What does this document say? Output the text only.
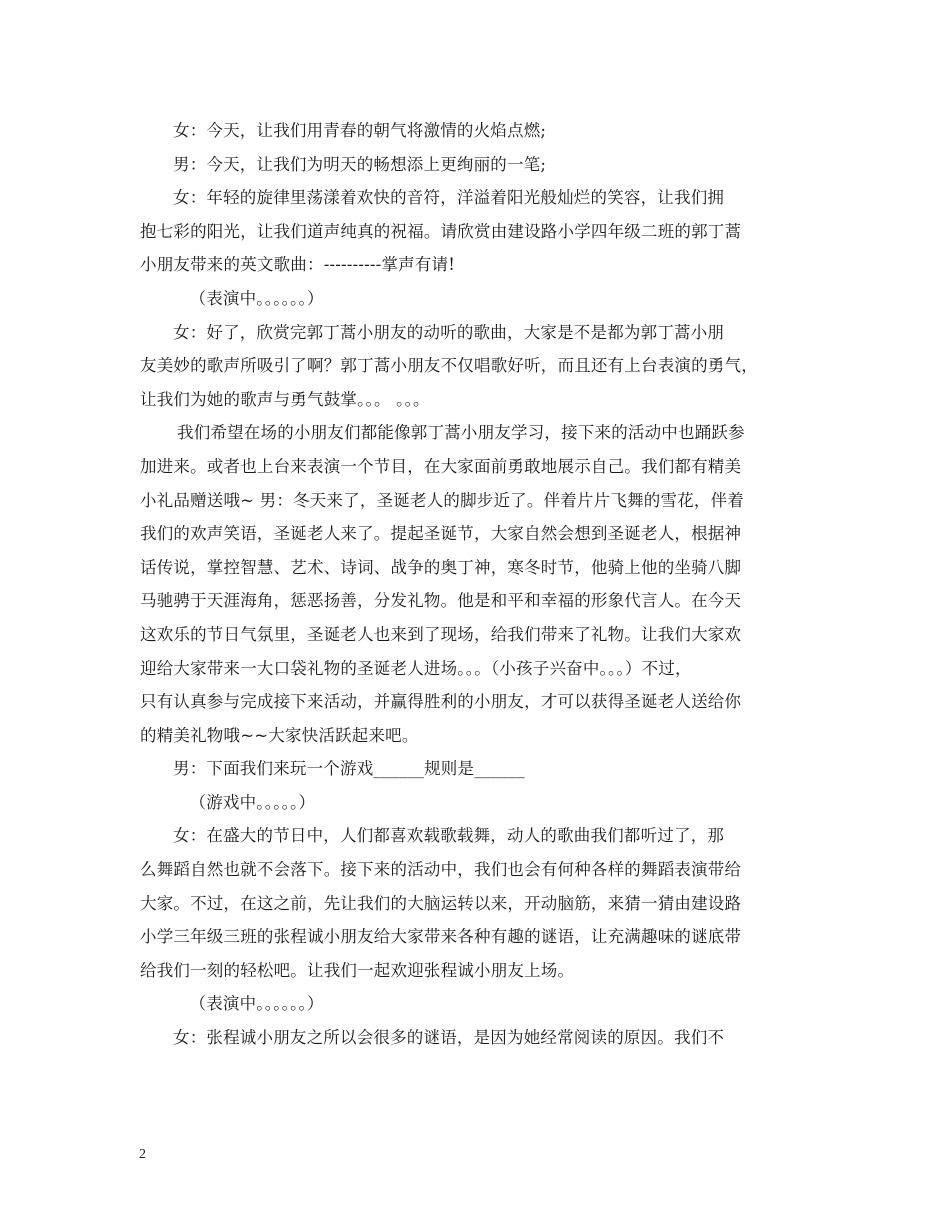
女：今天，让我们用青春的朝气将激情的火焰点燃;
男：今天，让我们为明天的畅想添上更绚丽的一笔;
女：年轻的旋律里荡漾着欢快的音符，洋溢着阳光般灿烂的笑容，让我们拥
抱七彩的阳光，让我们道声纯真的祝福。请欣赏由建设路小学四年级二班的郭丁蒿
小朋友带来的英文歌曲：----------掌声有请!
（表演中。。。。。。）
女：好了，欣赏完郭丁蒿小朋友的动听的歌曲，大家是不是都为郭丁蒿小朋
友美妙的歌声所吸引了啊？郭丁蒿小朋友不仅唱歌好听，而且还有上台表演的勇气，
让我们为她的歌声与勇气鼓掌。。。 。。。
我们希望在场的小朋友们都能像郭丁蒿小朋友学习，接下来的活动中也踊跃参
加进来。或者也上台来表演一个节目，在大家面前勇敢地展示自己。我们都有精美
小礼品赠送哦~ 男：冬天来了，圣诞老人的脚步近了。伴着片片飞舞的雪花，伴着
我们的欢声笑语，圣诞老人来了。提起圣诞节，大家自然会想到圣诞老人，根据神
话传说，掌控智慧、艺术、诗词、战争的奥丁神，寒冬时节，他骑上他的坐骑八脚
马驰骋于天涯海角，惩恶扬善，分发礼物。他是和平和幸福的形象代言人。在今天
这欢乐的节日气氛里，圣诞老人也来到了现场，给我们带来了礼物。让我们大家欢
迎给大家带来一大口袋礼物的圣诞老人进场。。。（小孩子兴奋中。。。）不过，
只有认真参与完成接下来活动，并赢得胜利的小朋友，才可以获得圣诞老人送给你
的精美礼物哦~~大家快活跃起来吧。
男：下面我们来玩一个游戏______规则是______
（游戏中。。。。。）
女：在盛大的节日中，人们都喜欢载歌载舞，动人的歌曲我们都听过了，那
么舞蹈自然也就不会落下。接下来的活动中，我们也会有何种各样的舞蹈表演带给
大家。不过，在这之前，先让我们的大脑运转以来，开动脑筋，来猜一猜由建设路
小学三年级三班的张程诚小朋友给大家带来各种有趣的谜语，让充满趣味的谜底带
给我们一刻的轻松吧。让我们一起欢迎张程诚小朋友上场。
（表演中。。。。。。）
女：张程诚小朋友之所以会很多的谜语，是因为她经常阅读的原因。我们不
2
